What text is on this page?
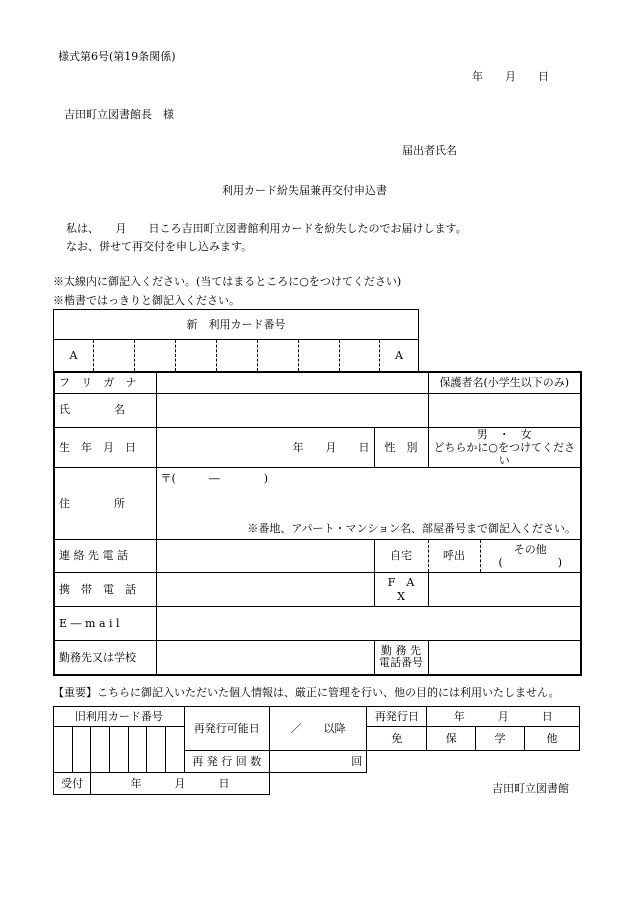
様式第6号(第19条関係)
年　　月　　日
吉田町立図書館長　様
届出者氏名
利用カード紛失届兼再交付申込書
私は、　　月　　日ころ吉田町立図書館利用カードを紛失したのでお届けします。
なお、併せて再交付を申し込みます。
※太線内に御記入ください。(当てはまるところに○をつけてください)
※楷書ではっきりと御記入ください。
新　利用カード番号
A								A
フ リ ガ ナ			保護者名(小学生以下のみ)	
氏　　　　名				
生　年　月　日	年　　月　　日	性　別	男　・　女
どちらかに○をつけてください	

住　　　　所	〒(　　　―　　　　)
※番地、アパート・マンション名、部屋番号まで御記入ください。			

連 絡 先 電 話		自宅	呼出	その他
(　　　　　)

携　帯　電　話		F　A　X		
E ― m a i l				
勤務先又は学校		勤 務 先
電話番号		

【重要】こちらに御記入いただいた個人情報は、厳正に管理を行い、他の目的には利用いたしません。
旧利用カード番号							再発行可能日	／　　以降	再発行日	年　　　月　　　日		
									免	保	学	他
							再 発 行 回 数	回				
受付		年　　　月　　　日											吉田町立図書館
